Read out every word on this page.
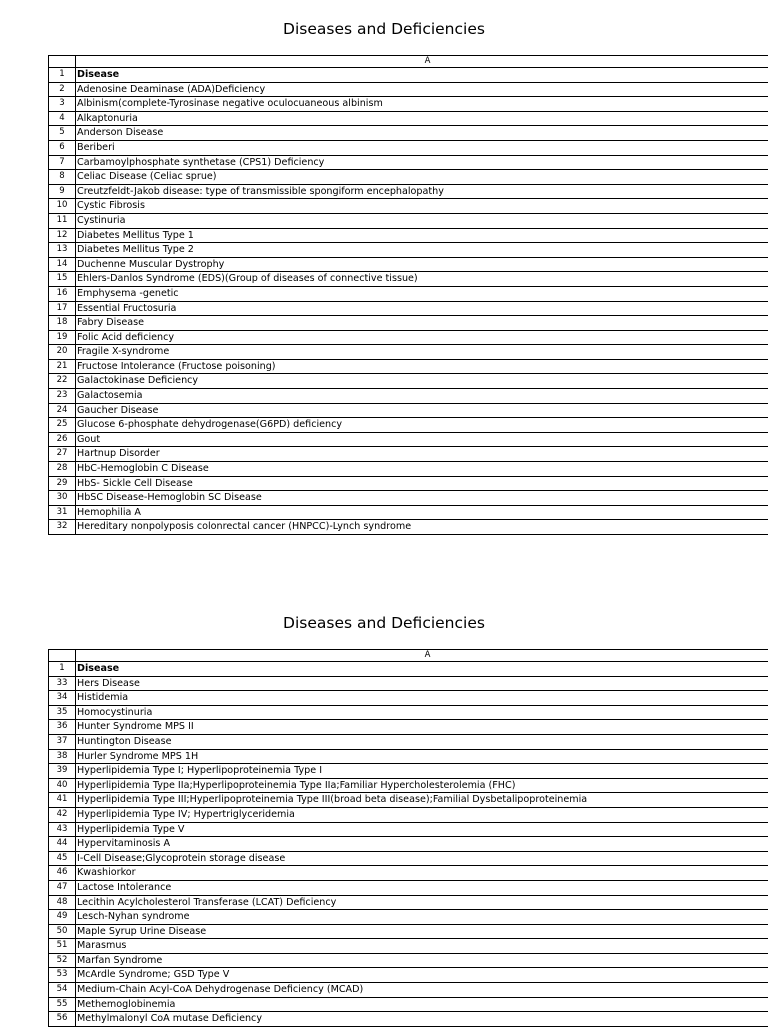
Diseases and Deficiencies
	A
1	Disease
2	Adenosine Deaminase (ADA)Deficiency
3	Albinism(complete-Tyrosinase negative oculocuaneous albinism
4	Alkaptonuria
5	Anderson Disease
6	Beriberi
7	Carbamoylphosphate synthetase (CPS1) Deficiency
8	Celiac Disease (Celiac sprue)
9	Creutzfeldt-Jakob disease: type of transmissible spongiform encephalopathy
10	Cystic Fibrosis
11	Cystinuria
12	Diabetes Mellitus Type 1
13	Diabetes Mellitus Type 2
14	Duchenne Muscular Dystrophy
15	Ehlers-Danlos Syndrome (EDS)(Group of diseases of connective tissue)
16	Emphysema -genetic
17	Essential Fructosuria
18	Fabry Disease
19	Folic Acid deficiency
20	Fragile X-syndrome
21	Fructose Intolerance (Fructose poisoning)
22	Galactokinase Deficiency
23	Galactosemia
24	Gaucher Disease
25	Glucose 6-phosphate dehydrogenase(G6PD) deficiency
26	Gout
27	Hartnup Disorder
28	HbC-Hemoglobin C Disease
29	HbS- Sickle Cell Disease
30	HbSC Disease-Hemoglobin SC Disease
31	Hemophilia A
32	Hereditary nonpolyposis colonrectal cancer (HNPCC)-Lynch syndrome
Diseases and Deficiencies
	A
1	Disease
33	Hers Disease
34	Histidemia
35	Homocystinuria
36	Hunter Syndrome MPS II
37	Huntington Disease
38	Hurler Syndrome MPS 1H
39	Hyperlipidemia Type I; Hyperlipoproteinemia Type I
40	Hyperlipidemia Type IIa;Hyperlipoproteinemia Type IIa;Familiar Hypercholesterolemia (FHC)
41	Hyperlipidemia Type III;Hyperlipoproteinemia Type III(broad beta disease);Familial Dysbetalipoproteinemia
42	Hyperlipidemia Type IV; Hypertriglyceridemia
43	Hyperlipidemia Type V
44	Hypervitaminosis A
45	I-Cell Disease;Glycoprotein storage disease
46	Kwashiorkor
47	Lactose Intolerance
48	Lecithin Acylcholesterol Transferase (LCAT) Deficiency
49	Lesch-Nyhan syndrome
50	Maple Syrup Urine Disease
51	Marasmus
52	Marfan Syndrome
53	McArdle Syndrome; GSD Type V
54	Medium-Chain Acyl-CoA Dehydrogenase Deficiency (MCAD)
55	Methemoglobinemia
56	Methylmalonyl CoA mutase Deficiency
